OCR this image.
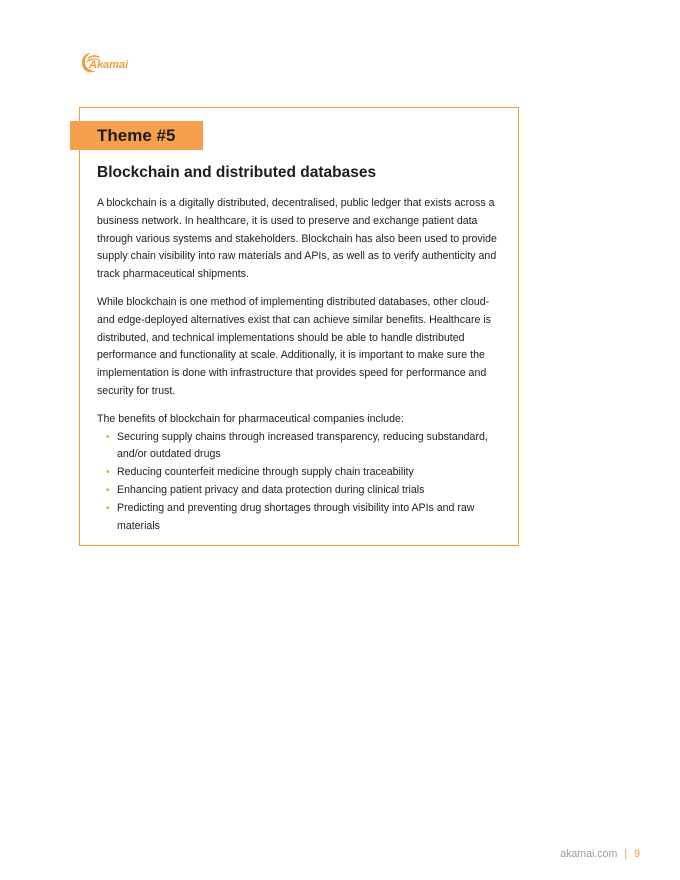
Akamai
Theme #5
Blockchain and distributed databases

A blockchain is a digitally distributed, decentralised, public ledger that exists across a business network. In healthcare, it is used to preserve and exchange patient data through various systems and stakeholders. Blockchain has also been used to provide supply chain visibility into raw materials and APIs, as well as to verify authenticity and track pharmaceutical shipments.

While blockchain is one method of implementing distributed databases, other cloud- and edge-deployed alternatives exist that can achieve similar benefits. Healthcare is distributed, and technical implementations should be able to handle distributed performance and functionality at scale. Additionally, it is important to make sure the implementation is done with infrastructure that provides speed for performance and security for trust.

The benefits of blockchain for pharmaceutical companies include:

• Securing supply chains through increased transparency, reducing substandard, and/or outdated drugs
• Reducing counterfeit medicine through supply chain traceability
• Enhancing patient privacy and data protection during clinical trials
• Predicting and preventing drug shortages through visibility into APIs and raw materials
akamai.com | 9
